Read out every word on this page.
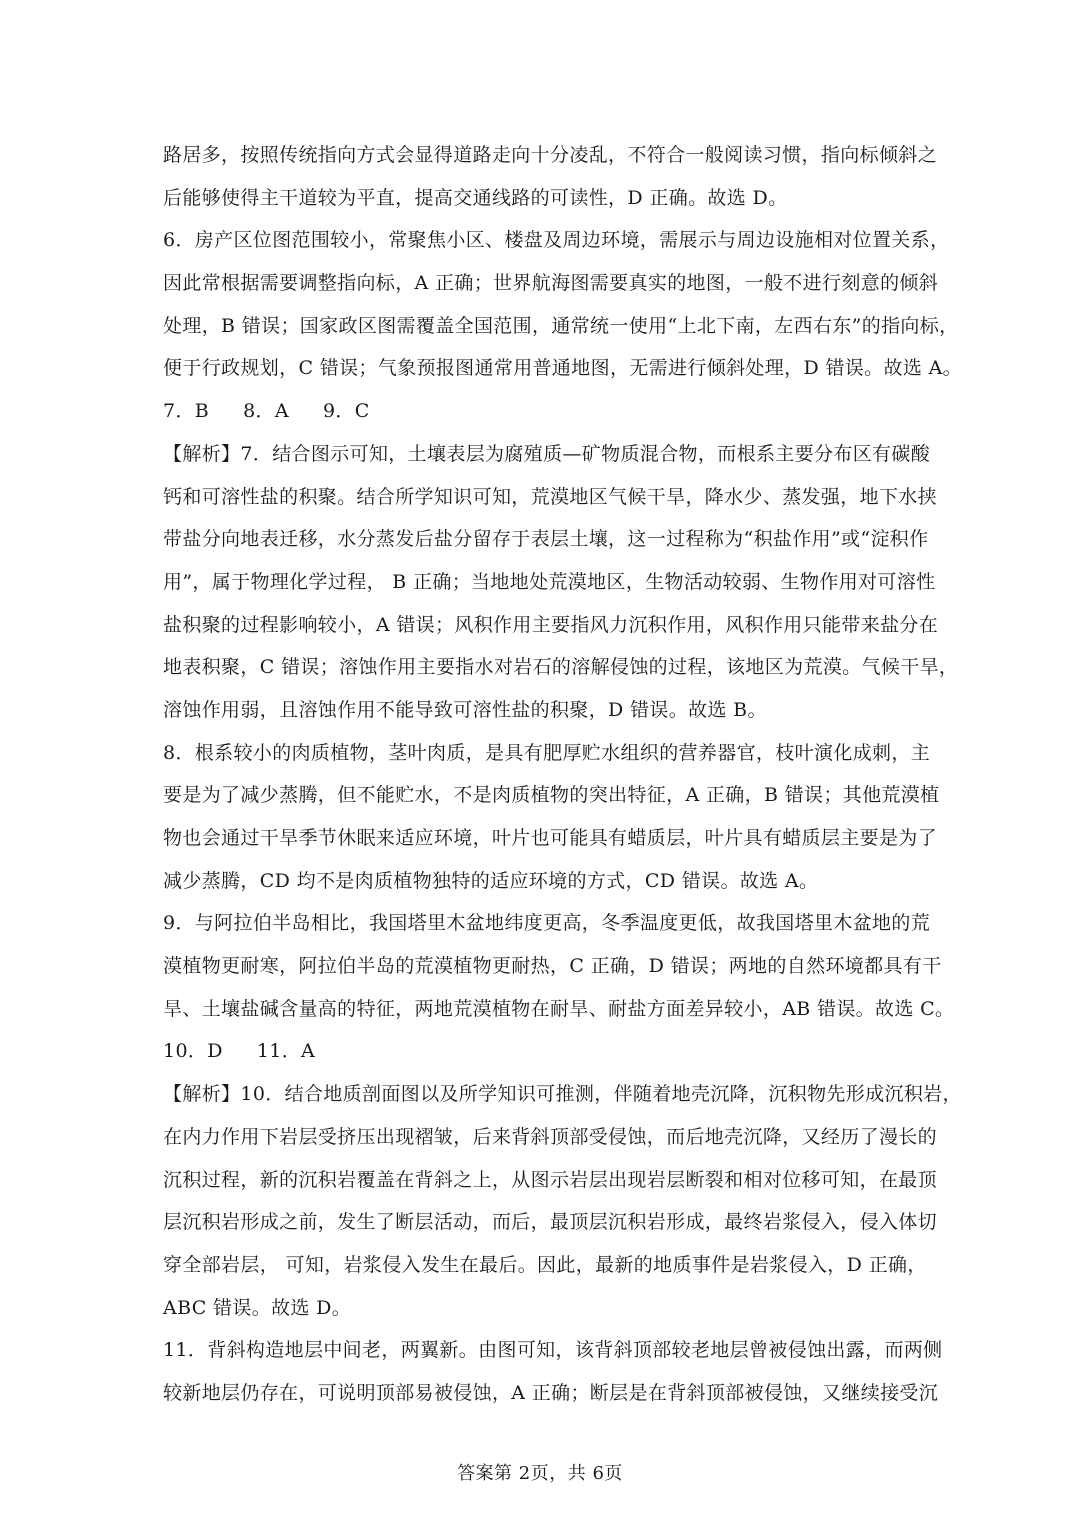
路居多，按照传统指向方式会显得道路走向十分凌乱，不符合一般阅读习惯，指向标倾斜之
后能够使得主干道较为平直，提高交通线路的可读性，D 正确。故选 D。
6．房产区位图范围较小，常聚焦小区、楼盘及周边环境，需展示与周边设施相对位置关系，
因此常根据需要调整指向标，A 正确；世界航海图需要真实的地图，一般不进行刻意的倾斜
处理，B 错误；国家政区图需覆盖全国范围，通常统一使用“上北下南，左西右东”的指向标，
便于行政规划，C 错误；气象预报图通常用普通地图，无需进行倾斜处理，D 错误。故选 A。
7．B 8．A 9．C
【解析】7．结合图示可知，土壤表层为腐殖质—矿物质混合物，而根系主要分布区有碳酸
钙和可溶性盐的积聚。结合所学知识可知，荒漠地区气候干旱，降水少、蒸发强，地下水挟
带盐分向地表迁移，水分蒸发后盐分留存于表层土壤，这一过程称为“积盐作用”或“淀积作
用”，属于物理化学过程， B 正确；当地地处荒漠地区，生物活动较弱、生物作用对可溶性
盐积聚的过程影响较小，A 错误；风积作用主要指风力沉积作用，风积作用只能带来盐分在
地表积聚，C 错误；溶蚀作用主要指水对岩石的溶解侵蚀的过程，该地区为荒漠。气候干旱，
溶蚀作用弱，且溶蚀作用不能导致可溶性盐的积聚，D 错误。故选 B。
8．根系较小的肉质植物，茎叶肉质，是具有肥厚贮水组织的营养器官，枝叶演化成刺，主
要是为了减少蒸腾，但不能贮水，不是肉质植物的突出特征，A 正确，B 错误；其他荒漠植
物也会通过干旱季节休眠来适应环境，叶片也可能具有蜡质层，叶片具有蜡质层主要是为了
减少蒸腾，CD 均不是肉质植物独特的适应环境的方式，CD 错误。故选 A。
9．与阿拉伯半岛相比，我国塔里木盆地纬度更高，冬季温度更低，故我国塔里木盆地的荒
漠植物更耐寒，阿拉伯半岛的荒漠植物更耐热，C 正确，D 错误；两地的自然环境都具有干
旱、土壤盐碱含量高的特征，两地荒漠植物在耐旱、耐盐方面差异较小，AB 错误。故选 C。
10．D 11．A
【解析】10．结合地质剖面图以及所学知识可推测，伴随着地壳沉降，沉积物先形成沉积岩，
在内力作用下岩层受挤压出现褶皱，后来背斜顶部受侵蚀，而后地壳沉降，又经历了漫长的
沉积过程，新的沉积岩覆盖在背斜之上，从图示岩层出现岩层断裂和相对位移可知，在最顶
层沉积岩形成之前，发生了断层活动，而后，最顶层沉积岩形成，最终岩浆侵入，侵入体切
穿全部岩层， 可知，岩浆侵入发生在最后。因此，最新的地质事件是岩浆侵入，D 正确，
ABC 错误。故选 D。
11．背斜构造地层中间老，两翼新。由图可知，该背斜顶部较老地层曾被侵蚀出露，而两侧
较新地层仍存在，可说明顶部易被侵蚀，A 正确；断层是在背斜顶部被侵蚀，又继续接受沉
答案第 2页，共 6页
